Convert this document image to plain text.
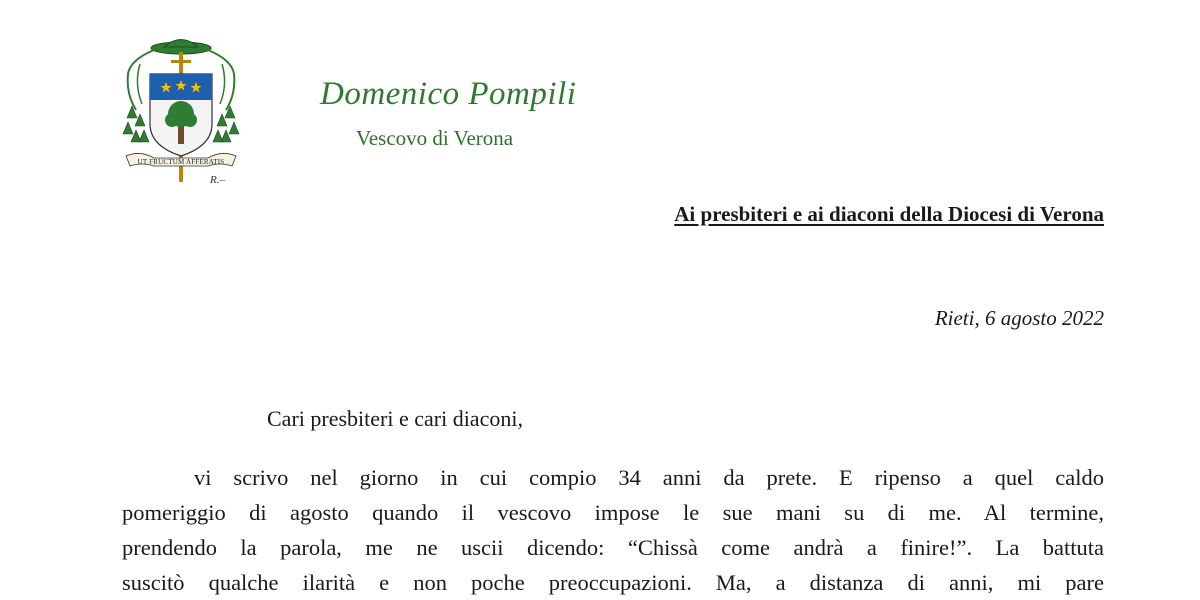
UT FRUCTUM AFFERATIS
R.–
Domenico Pompili
Vescovo di Verona
Ai presbiteri e ai diaconi della Diocesi di Verona
Rieti, 6 agosto 2022
Cari presbiteri e cari diaconi,
vi scrivo nel giorno in cui compio 34 anni da prete. E ripenso a quel caldo
pomeriggio di agosto quando il vescovo impose le sue mani su di me. Al termine,
prendendo la parola, me ne uscii dicendo: “Chissà come andrà a finire!”. La battuta
suscitò qualche ilarità e non poche preoccupazioni. Ma, a distanza di anni, mi pare
